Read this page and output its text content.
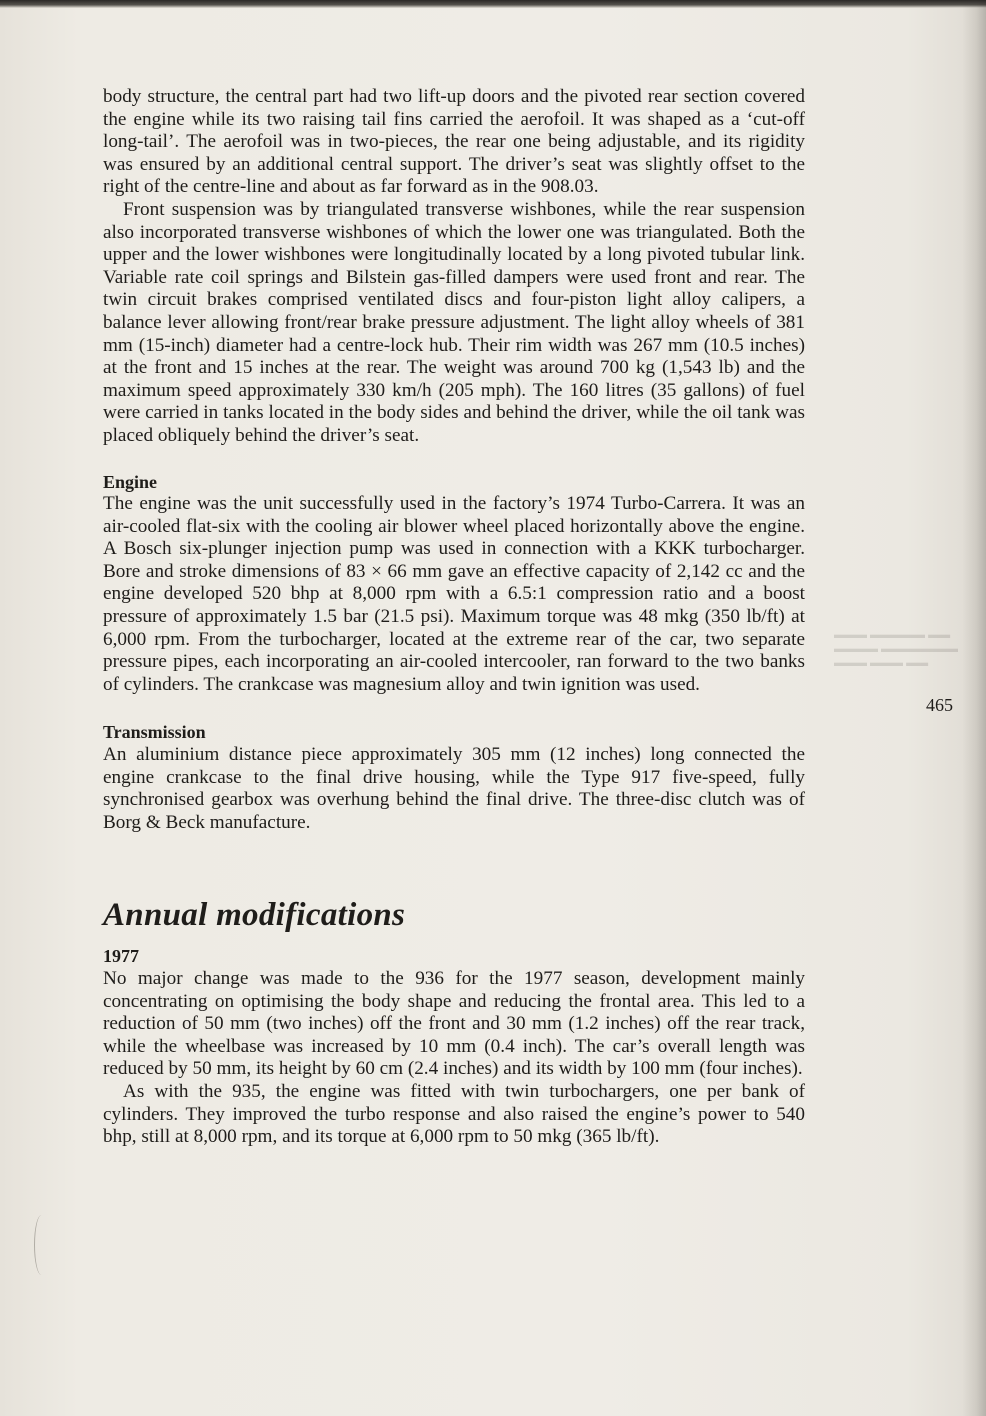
▬▬▬ ▬▬▬▬▬ ▬▬
▬▬▬▬ ▬▬▬▬▬▬▬
▬▬▬ ▬▬▬ ▬▬

body structure, the central part had two lift-up doors and the pivoted rear section covered the engine while its two raising tail fins carried the aerofoil. It was shaped as a ‘cut-off long-tail’. The aerofoil was in two-pieces, the rear one being adjustable, and its rigidity was ensured by an additional central support. The driver’s seat was slightly offset to the right of the centre-line and about as far forward as in the 908.03.

Front suspension was by triangulated transverse wishbones, while the rear suspension also incorporated transverse wishbones of which the lower one was triangulated. Both the upper and the lower wishbones were longitudinally located by a long pivoted tubular link. Variable rate coil springs and Bilstein gas-filled dampers were used front and rear. The twin circuit brakes comprised ventilated discs and four-piston light alloy calipers, a balance lever allowing front/rear brake pressure adjustment. The light alloy wheels of 381 mm (15-inch) diameter had a centre-lock hub. Their rim width was 267 mm (10.5 inches) at the front and 15 inches at the rear. The weight was around 700 kg (1,543 lb) and the maximum speed approximately 330 km/h (205 mph). The 160 litres (35 gallons) of fuel were carried in tanks located in the body sides and behind the driver, while the oil tank was placed obliquely behind the driver’s seat.

Engine

The engine was the unit successfully used in the factory’s 1974 Turbo-Carrera. It was an air-cooled flat-six with the cooling air blower wheel placed horizontally above the engine. A Bosch six-plunger injection pump was used in connection with a KKK turbocharger. Bore and stroke dimensions of 83 × 66 mm gave an effective capacity of 2,142 cc and the engine developed 520 bhp at 8,000 rpm with a 6.5:1 compression ratio and a boost pressure of approximately 1.5 bar (21.5 psi). Maximum torque was 48 mkg (350 lb/ft) at 6,000 rpm. From the turbocharger, located at the extreme rear of the car, two separate pressure pipes, each incorporating an air-cooled intercooler, ran forward to the two banks of cylinders. The crankcase was magnesium alloy and twin ignition was used.

Transmission

An aluminium distance piece approximately 305 mm (12 inches) long connected the engine crankcase to the final drive housing, while the Type 917 five-speed, fully synchronised gearbox was overhung behind the final drive. The three-disc clutch was of Borg & Beck manufacture.

Annual modifications
1977

No major change was made to the 936 for the 1977 season, development mainly concentrating on optimising the body shape and reducing the frontal area. This led to a reduction of 50 mm (two inches) off the front and 30 mm (1.2 inches) off the rear track, while the wheelbase was increased by 10 mm (0.4 inch). The car’s overall length was reduced by 50 mm, its height by 60 cm (2.4 inches) and its width by 100 mm (four inches).

As with the 935, the engine was fitted with twin turbochargers, one per bank of cylinders. They improved the turbo response and also raised the engine’s power to 540 bhp, still at 8,000 rpm, and its torque at 6,000 rpm to 50 mkg (365 lb/ft).

465
